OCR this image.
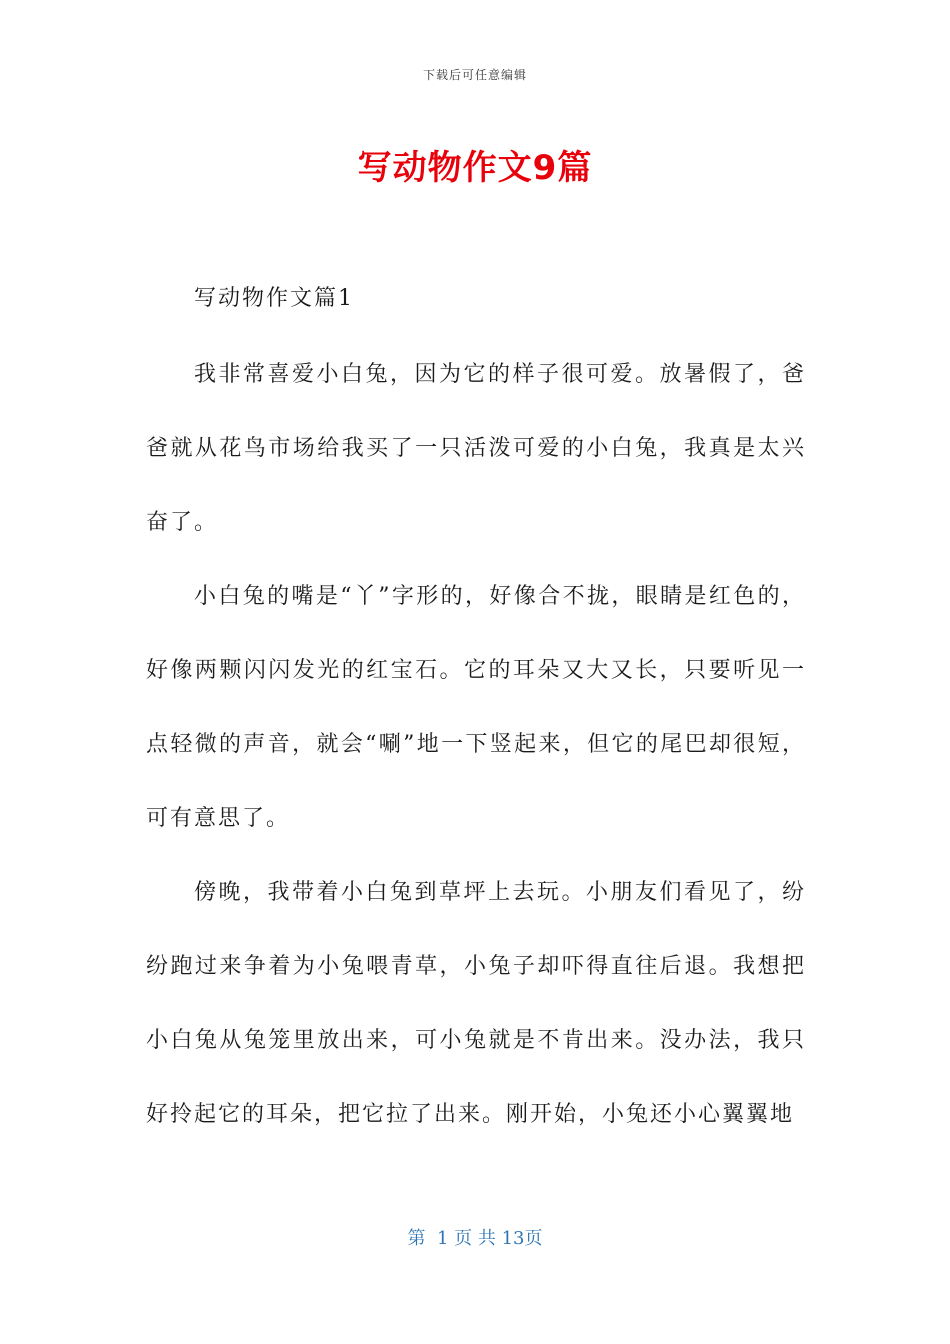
下载后可任意编辑
写动物作文9篇

写动物作文篇1

我非常喜爱小白兔，因为它的样子很可爱。放暑假了，爸爸就从花鸟市场给我买了一只活泼可爱的小白兔，我真是太兴奋了。

小白兔的嘴是“丫”字形的，好像合不拢，眼睛是红色的，好像两颗闪闪发光的红宝石。它的耳朵又大又长，只要听见一点轻微的声音，就会“唰”地一下竖起来，但它的尾巴却很短，可有意思了。

傍晚，我带着小白兔到草坪上去玩。小朋友们看见了，纷纷跑过来争着为小兔喂青草，小兔子却吓得直往后退。我想把小白兔从兔笼里放出来，可小兔就是不肯出来。没办法，我只好拎起它的耳朵，把它拉了出来。刚开始，小兔还小心翼翼地

第  1 页 共 13页
